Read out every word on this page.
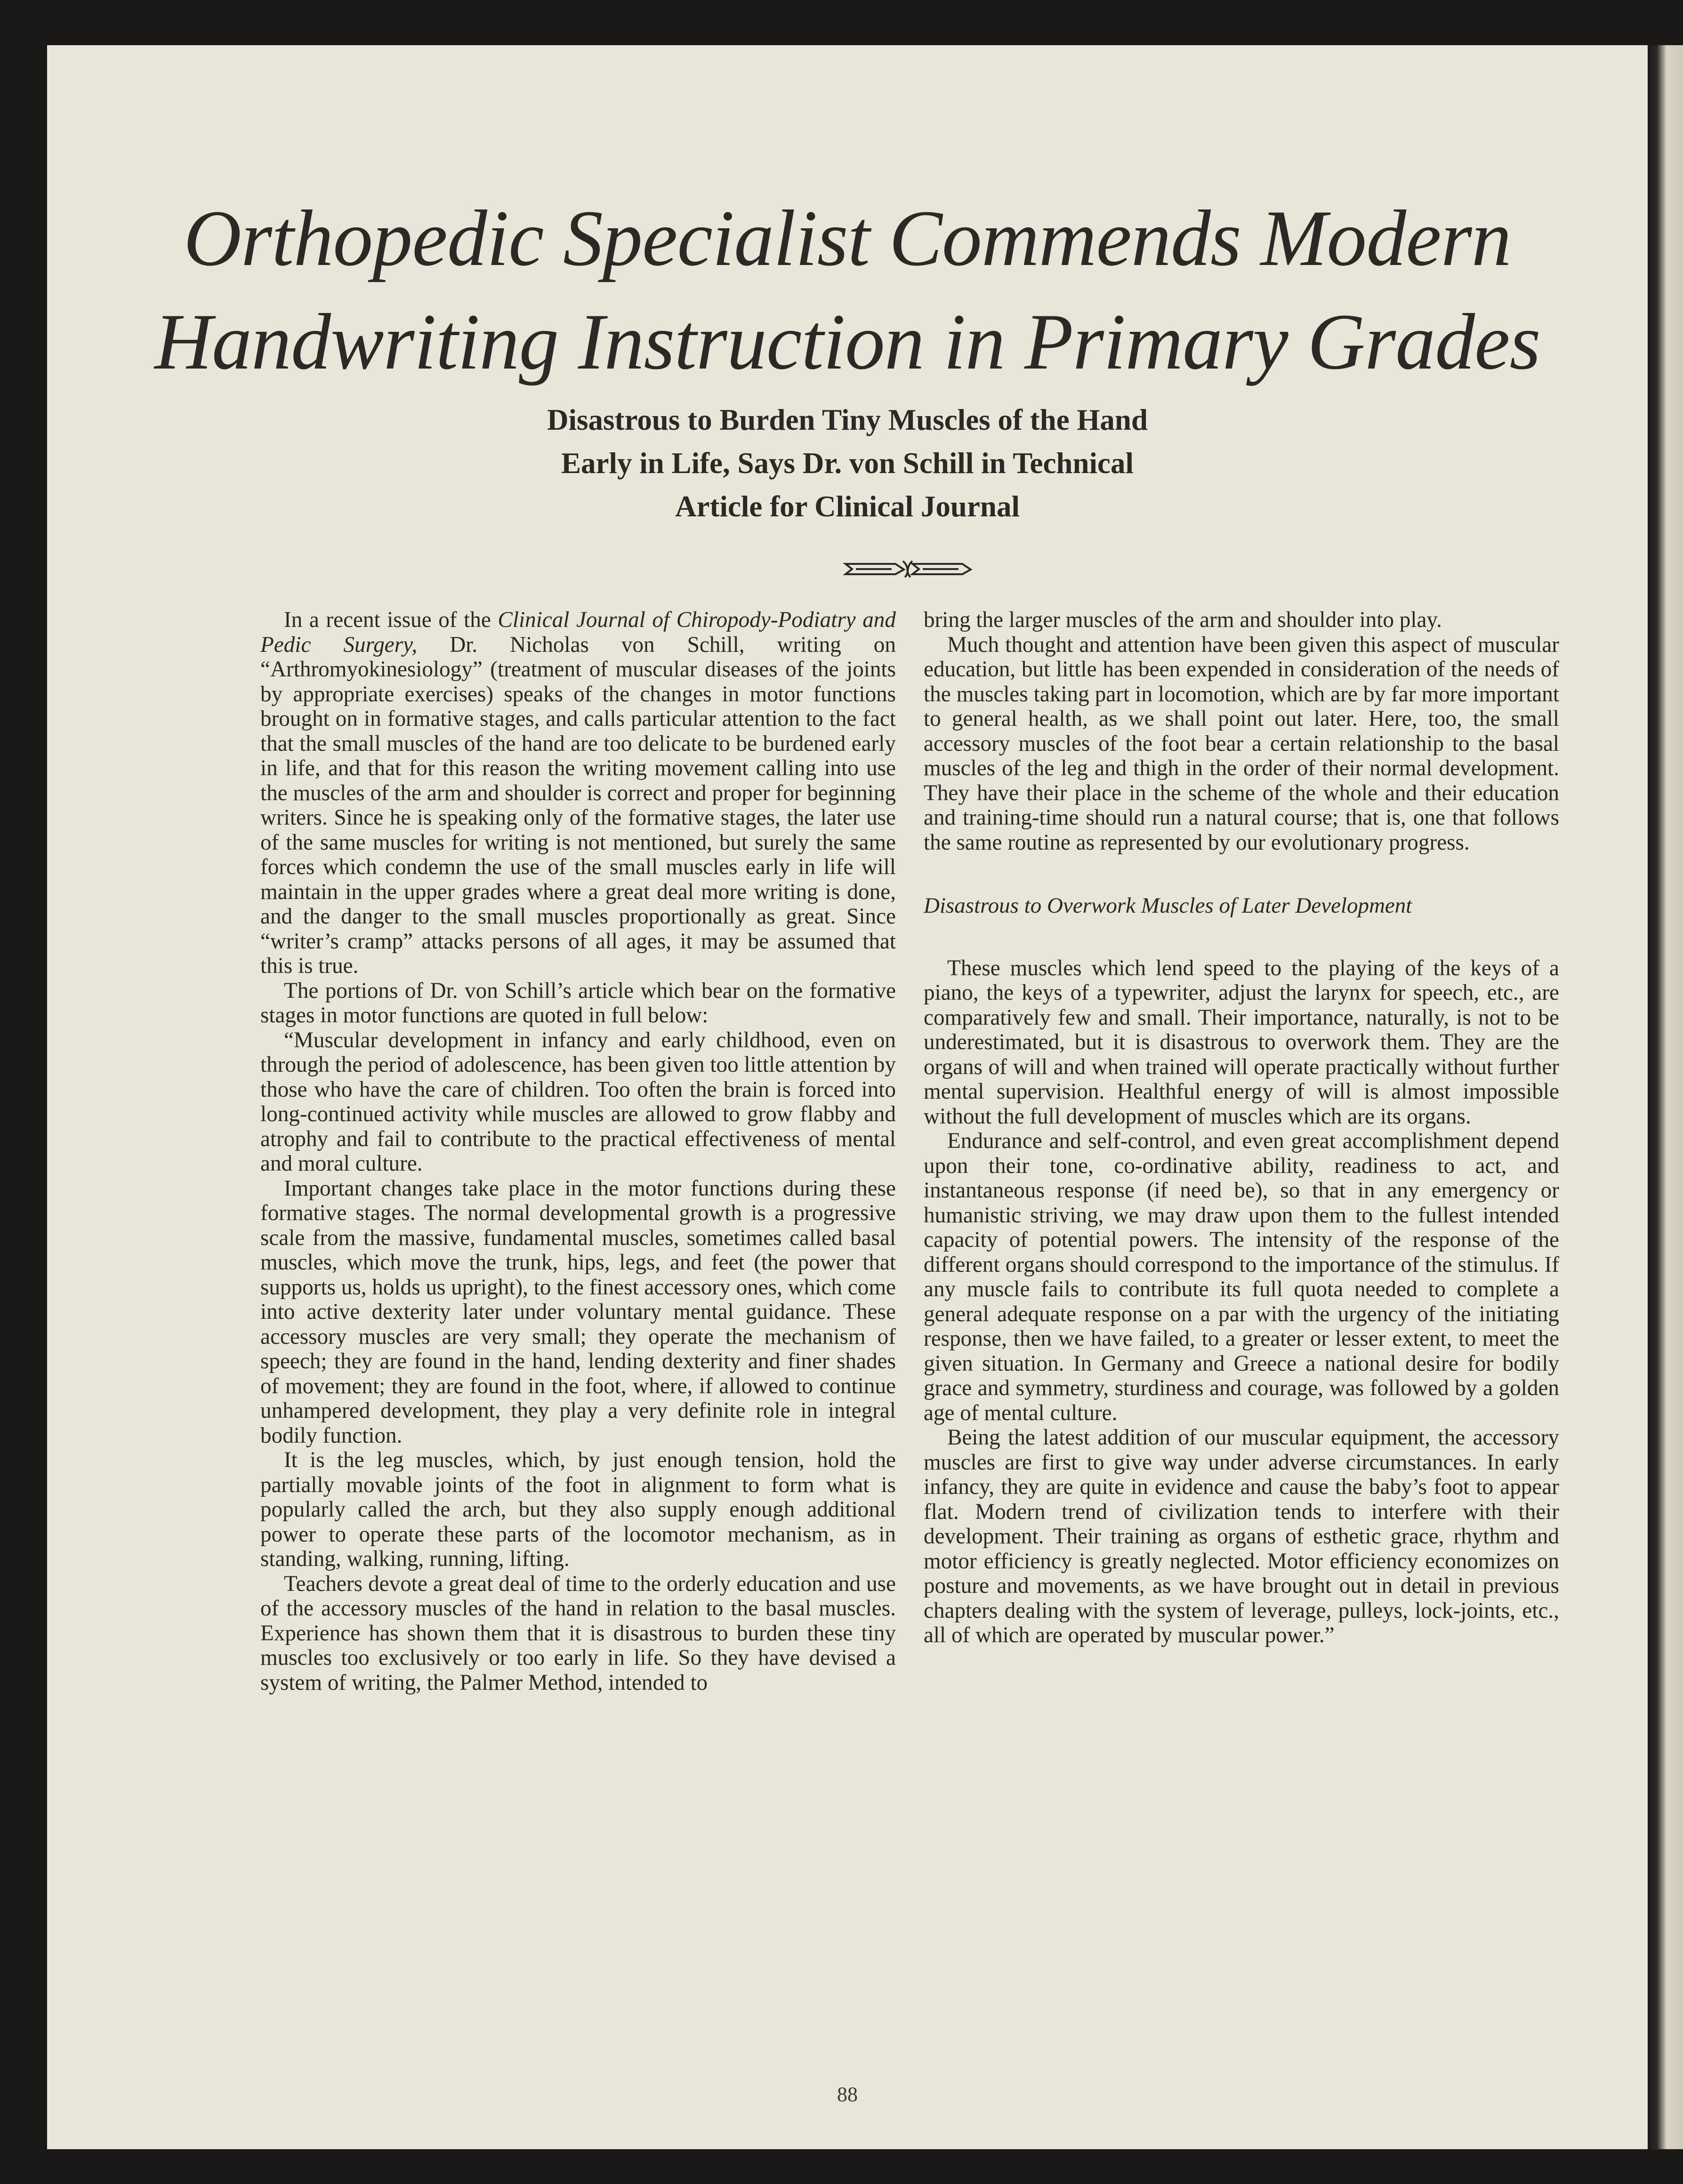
Orthopedic Specialist Commends Modern
Handwriting Instruction in Primary Grades
Disastrous to Burden Tiny Muscles of the Hand
Early in Life, Says Dr. von Schill in Technical
Article for Clinical Journal

In a recent issue of the Clinical Journal of Chiropody-Podiatry and Pedic Surgery, Dr. Nicholas von Schill, writing on “Arthromyokinesiology” (treatment of muscular diseases of the joints by appropriate exercises) speaks of the changes in motor functions brought on in formative stages, and calls particular attention to the fact that the small muscles of the hand are too delicate to be burdened early in life, and that for this reason the writing movement calling into use the muscles of the arm and shoulder is correct and proper for beginning writers. Since he is speaking only of the formative stages, the later use of the same muscles for writing is not mentioned, but surely the same forces which condemn the use of the small muscles early in life will maintain in the upper grades where a great deal more writing is done, and the danger to the small muscles proportionally as great. Since “writer’s cramp” attacks persons of all ages, it may be assumed that this is true.

The portions of Dr. von Schill’s article which bear on the formative stages in motor functions are quoted in full below:

“Muscular development in infancy and early childhood, even on through the period of adolescence, has been given too little attention by those who have the care of children. Too often the brain is forced into long-continued activity while muscles are allowed to grow flabby and atrophy and fail to contribute to the practical effectiveness of mental and moral culture.

Important changes take place in the motor functions during these formative stages. The normal developmental growth is a progressive scale from the massive, fundamental muscles, sometimes called basal muscles, which move the trunk, hips, legs, and feet (the power that supports us, holds us upright), to the finest accessory ones, which come into active dexterity later under voluntary mental guidance. These accessory muscles are very small; they operate the mechanism of speech; they are found in the hand, lending dexterity and finer shades of movement; they are found in the foot, where, if allowed to continue unhampered development, they play a very definite role in integral bodily function.

It is the leg muscles, which, by just enough tension, hold the partially movable joints of the foot in alignment to form what is popularly called the arch, but they also supply enough additional power to operate these parts of the locomotor mechanism, as in standing, walking, running, lifting.

Teachers devote a great deal of time to the orderly education and use of the accessory muscles of the hand in relation to the basal muscles. Experience has shown them that it is disastrous to burden these tiny muscles too exclusively or too early in life. So they have devised a system of writing, the Palmer Method, intended to

bring the larger muscles of the arm and shoulder into play.

Much thought and attention have been given this aspect of muscular education, but little has been expended in consideration of the needs of the muscles taking part in locomotion, which are by far more important to general health, as we shall point out later. Here, too, the small accessory muscles of the foot bear a certain relationship to the basal muscles of the leg and thigh in the order of their normal development. They have their place in the scheme of the whole and their education and training-time should run a natural course; that is, one that follows the same routine as represented by our evolutionary progress.

Disastrous to Overwork Muscles of Later Development

These muscles which lend speed to the playing of the keys of a piano, the keys of a typewriter, adjust the larynx for speech, etc., are comparatively few and small. Their importance, naturally, is not to be underestimated, but it is disastrous to overwork them. They are the organs of will and when trained will operate practically without further mental supervision. Healthful energy of will is almost impossible without the full development of muscles which are its organs.

Endurance and self-control, and even great accomplishment depend upon their tone, co-ordinative ability, readiness to act, and instantaneous response (if need be), so that in any emergency or humanistic striving, we may draw upon them to the fullest intended capacity of potential powers. The intensity of the response of the different organs should correspond to the importance of the stimulus. If any muscle fails to contribute its full quota needed to complete a general adequate response on a par with the urgency of the initiating response, then we have failed, to a greater or lesser extent, to meet the given situation. In Germany and Greece a national desire for bodily grace and symmetry, sturdiness and courage, was followed by a golden age of mental culture.

Being the latest addition of our muscular equipment, the accessory muscles are first to give way under adverse circumstances. In early infancy, they are quite in evidence and cause the baby’s foot to appear flat. Modern trend of civilization tends to interfere with their development. Their training as organs of esthetic grace, rhythm and motor efficiency is greatly neglected. Motor efficiency economizes on posture and movements, as we have brought out in detail in previous chapters dealing with the system of leverage, pulleys, lock-joints, etc., all of which are operated by muscular power.”

88
